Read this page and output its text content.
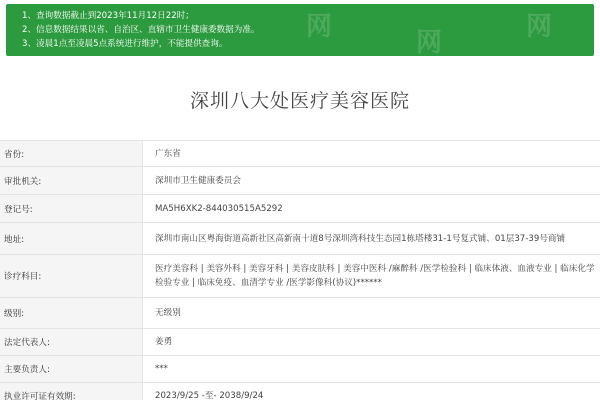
网
网
网
1、查询数据截止到2023年11月12日22时；
2、信息数据结果以省、自治区、直辖市卫生健康委数据为准。
3、凌晨1点至凌晨5点系统进行维护，不能提供查询。
深圳八大处医疗美容医院
省份:	广东省
审批机关:	深圳市卫生健康委员会
登记号:	MA5H6XK2-844030515A5292
地址:	深圳市南山区粤海街道高新社区高新南十道8号深圳湾科技生态园1栋塔楼31-1号复式铺、01层37-39号商铺
诊疗科目:
医疗美容科 | 美容外科 | 美容牙科 | 美容皮肤科 | 美容中医科 /麻醉科 /医学检验科 | 临床体液、血液专业 | 临床化学检验专业 | 临床免疫、血清学专业 /医学影像科(协议)******
级别:	无级别
法定代表人:	姜勇
主要负责人:	***
执业许可证有效期:	2023/9/25 -至- 2038/9/24
